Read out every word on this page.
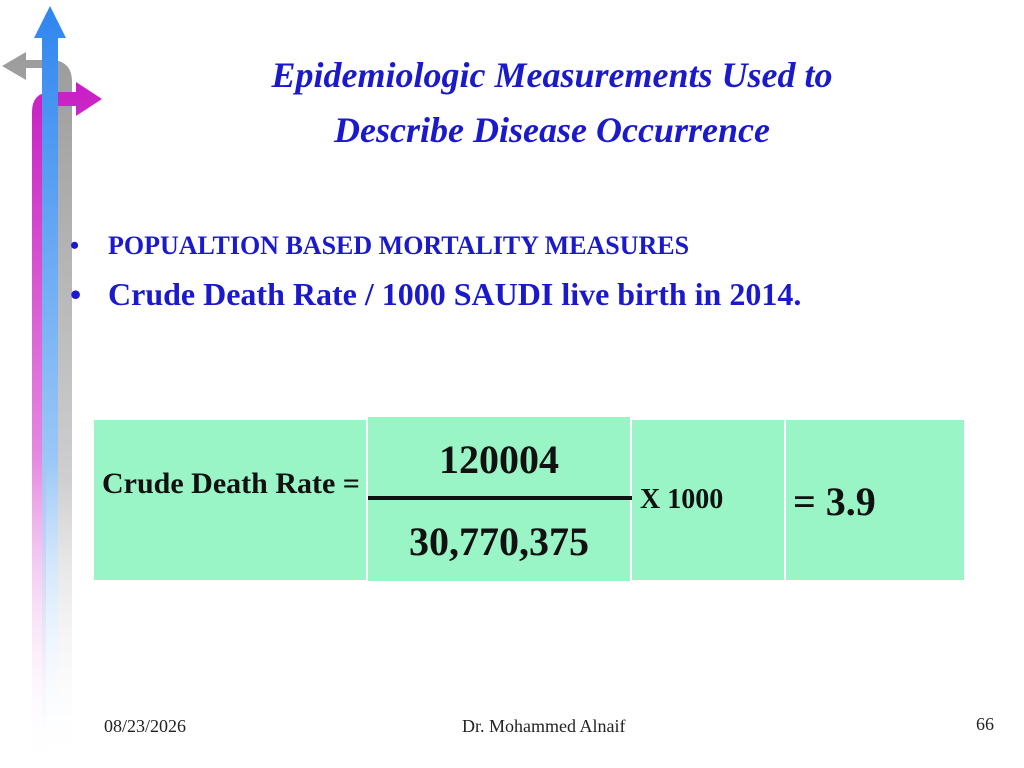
Epidemiologic Measurements Used to
Describe Disease Occurrence
• POPUALTION BASED MORTALITY MEASURES
• Crude Death Rate / 1000 SAUDI live birth in 2014.
Crude Death Rate =
120004
30,770,375
X 1000 = 3.9
08/23/2026	Dr. Mohammed Alnaif	66
